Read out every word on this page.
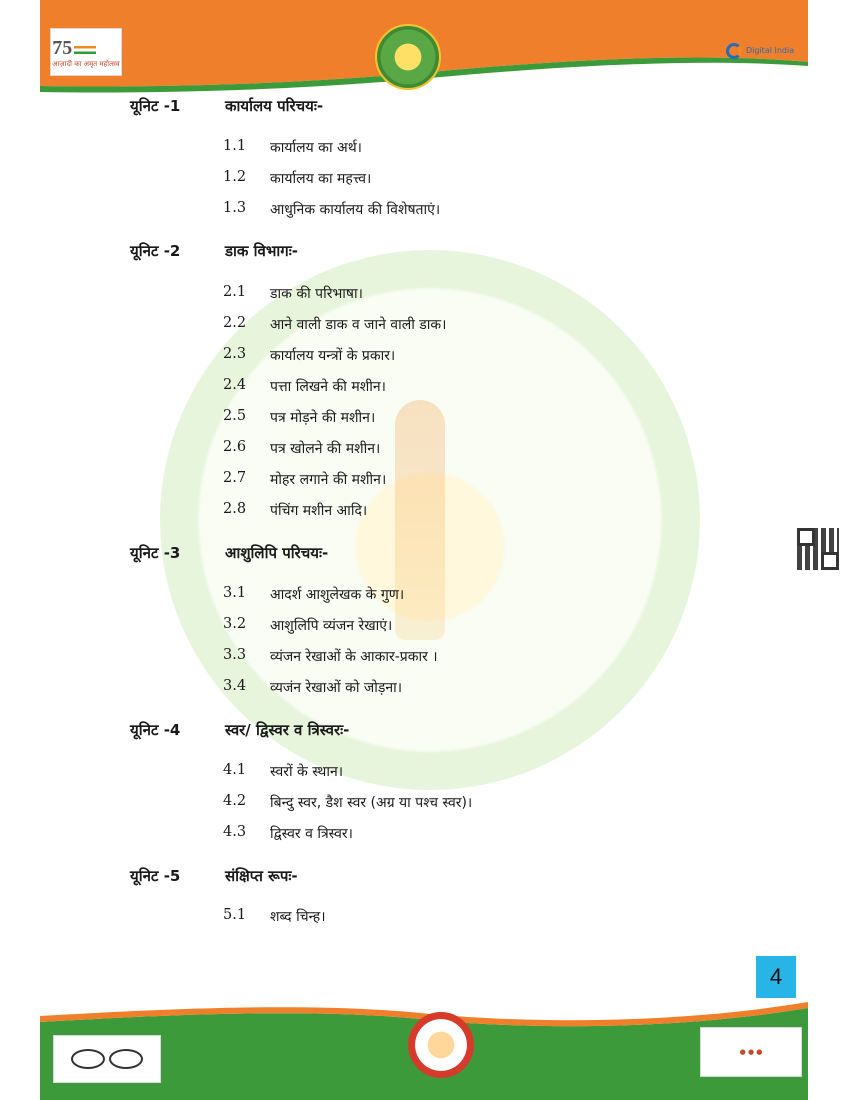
75
आज़ादी का अमृत महोत्सव
Digital India
यूनिट -1	कार्यालय परिचयः-
1.1	कार्यालय का अर्थ।
1.2	कार्यालय का महत्त्व।
1.3	आधुनिक कार्यालय की विशेषताएं।
यूनिट -2	डाक विभागः-
2.1	डाक की परिभाषा।
2.2	आने वाली डाक व जाने वाली डाक।
2.3	कार्यालय यन्त्रों के प्रकार।
2.4	पत्ता लिखने की मशीन।
2.5	पत्र मोड़ने की मशीन।
2.6	पत्र खोलने की मशीन।
2.7	मोहर लगाने की मशीन।
2.8	पंचिंग मशीन आदि।
यूनिट -3	आशुलिपि परिचयः-
3.1	आदर्श आशुलेखक के गुण।
3.2	आशुलिपि व्यंजन रेखाएं।
3.3	व्यंजन रेखाओं के आकार-प्रकार ।
3.4	व्यजंन रेखाओं को जोड़ना।
यूनिट -4	स्वर/ द्विस्वर व त्रिस्वरः-
4.1	स्वरों के स्थान।
4.2	बिन्दु स्वर, डैश स्वर (अग्र या पश्च स्वर)।
4.3	द्विस्वर व त्रिस्वर।
यूनिट -5	संक्षिप्त रूपः-
5.1	शब्द चिन्ह।
4
● ● ●
